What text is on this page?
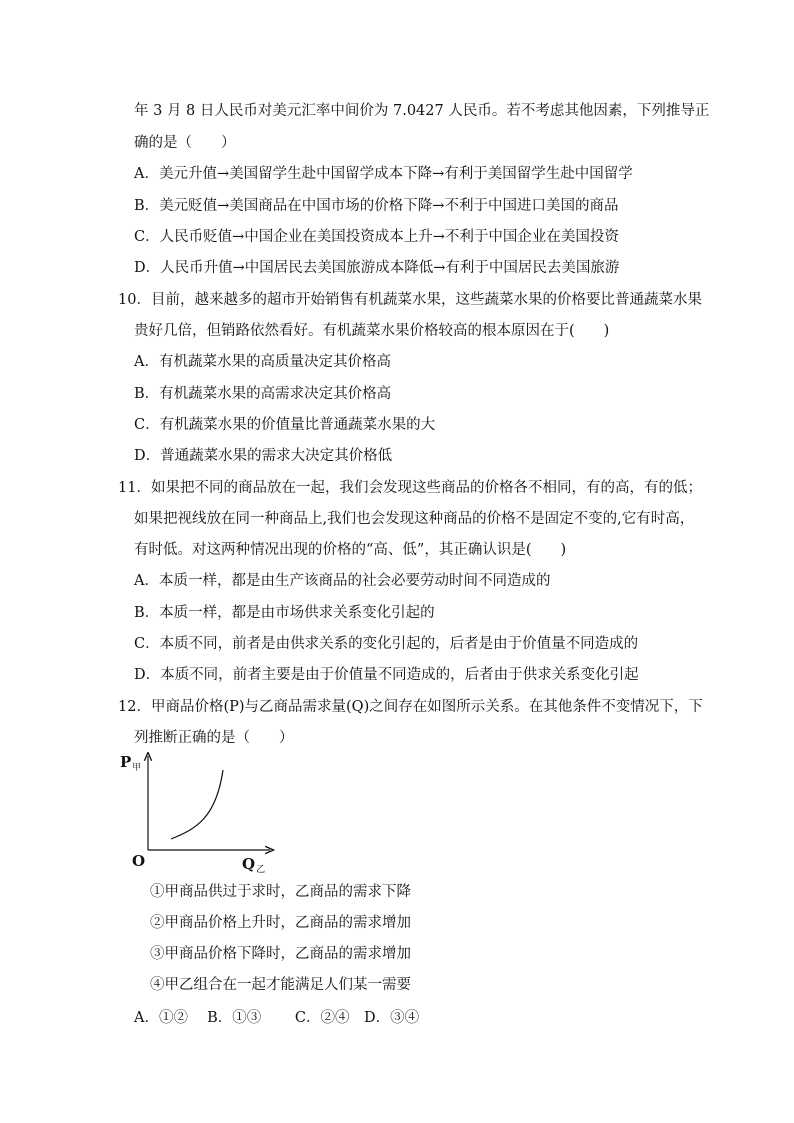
年 3 月 8 日人民币对美元汇率中间价为 7.0427 人民币。若不考虑其他因素，下列推导正
确的是（　　）
A．美元升值→美国留学生赴中国留学成本下降→有利于美国留学生赴中国留学
B．美元贬值→美国商品在中国市场的价格下降→不利于中国进口美国的商品
C．人民币贬值→中国企业在美国投资成本上升→不利于中国企业在美国投资
D．人民币升值→中国居民去美国旅游成本降低→有利于中国居民去美国旅游
10．目前，越来越多的超市开始销售有机蔬菜水果，这些蔬菜水果的价格要比普通蔬菜水果
贵好几倍，但销路依然看好。有机蔬菜水果价格较高的根本原因在于(　　)
A．有机蔬菜水果的高质量决定其价格高
B．有机蔬菜水果的高需求决定其价格高
C．有机蔬菜水果的价值量比普通蔬菜水果的大
D．普通蔬菜水果的需求大决定其价格低
11．如果把不同的商品放在一起，我们会发现这些商品的价格各不相同，有的高，有的低；
如果把视线放在同一种商品上,我们也会发现这种商品的价格不是固定不变的,它有时高，
有时低。对这两种情况出现的价格的“高、低”，其正确认识是(　　)
A．本质一样，都是由生产该商品的社会必要劳动时间不同造成的
B．本质一样，都是由市场供求关系变化引起的
C．本质不同，前者是由供求关系的变化引起的，后者是由于价值量不同造成的
D．本质不同，前者主要是由于价值量不同造成的，后者由于供求关系变化引起
12．甲商品价格(P)与乙商品需求量(Q)之间存在如图所示关系。在其他条件不变情况下，下
列推断正确的是（　　）
$P_甲$
O	$Q_乙$
①甲商品供过于求时，乙商品的需求下降
②甲商品价格上升时，乙商品的需求增加
③甲商品价格下降时，乙商品的需求增加
④甲乙组合在一起才能满足人们某一需要
A．①②　 B．①③　　 C．②④　D．③④
